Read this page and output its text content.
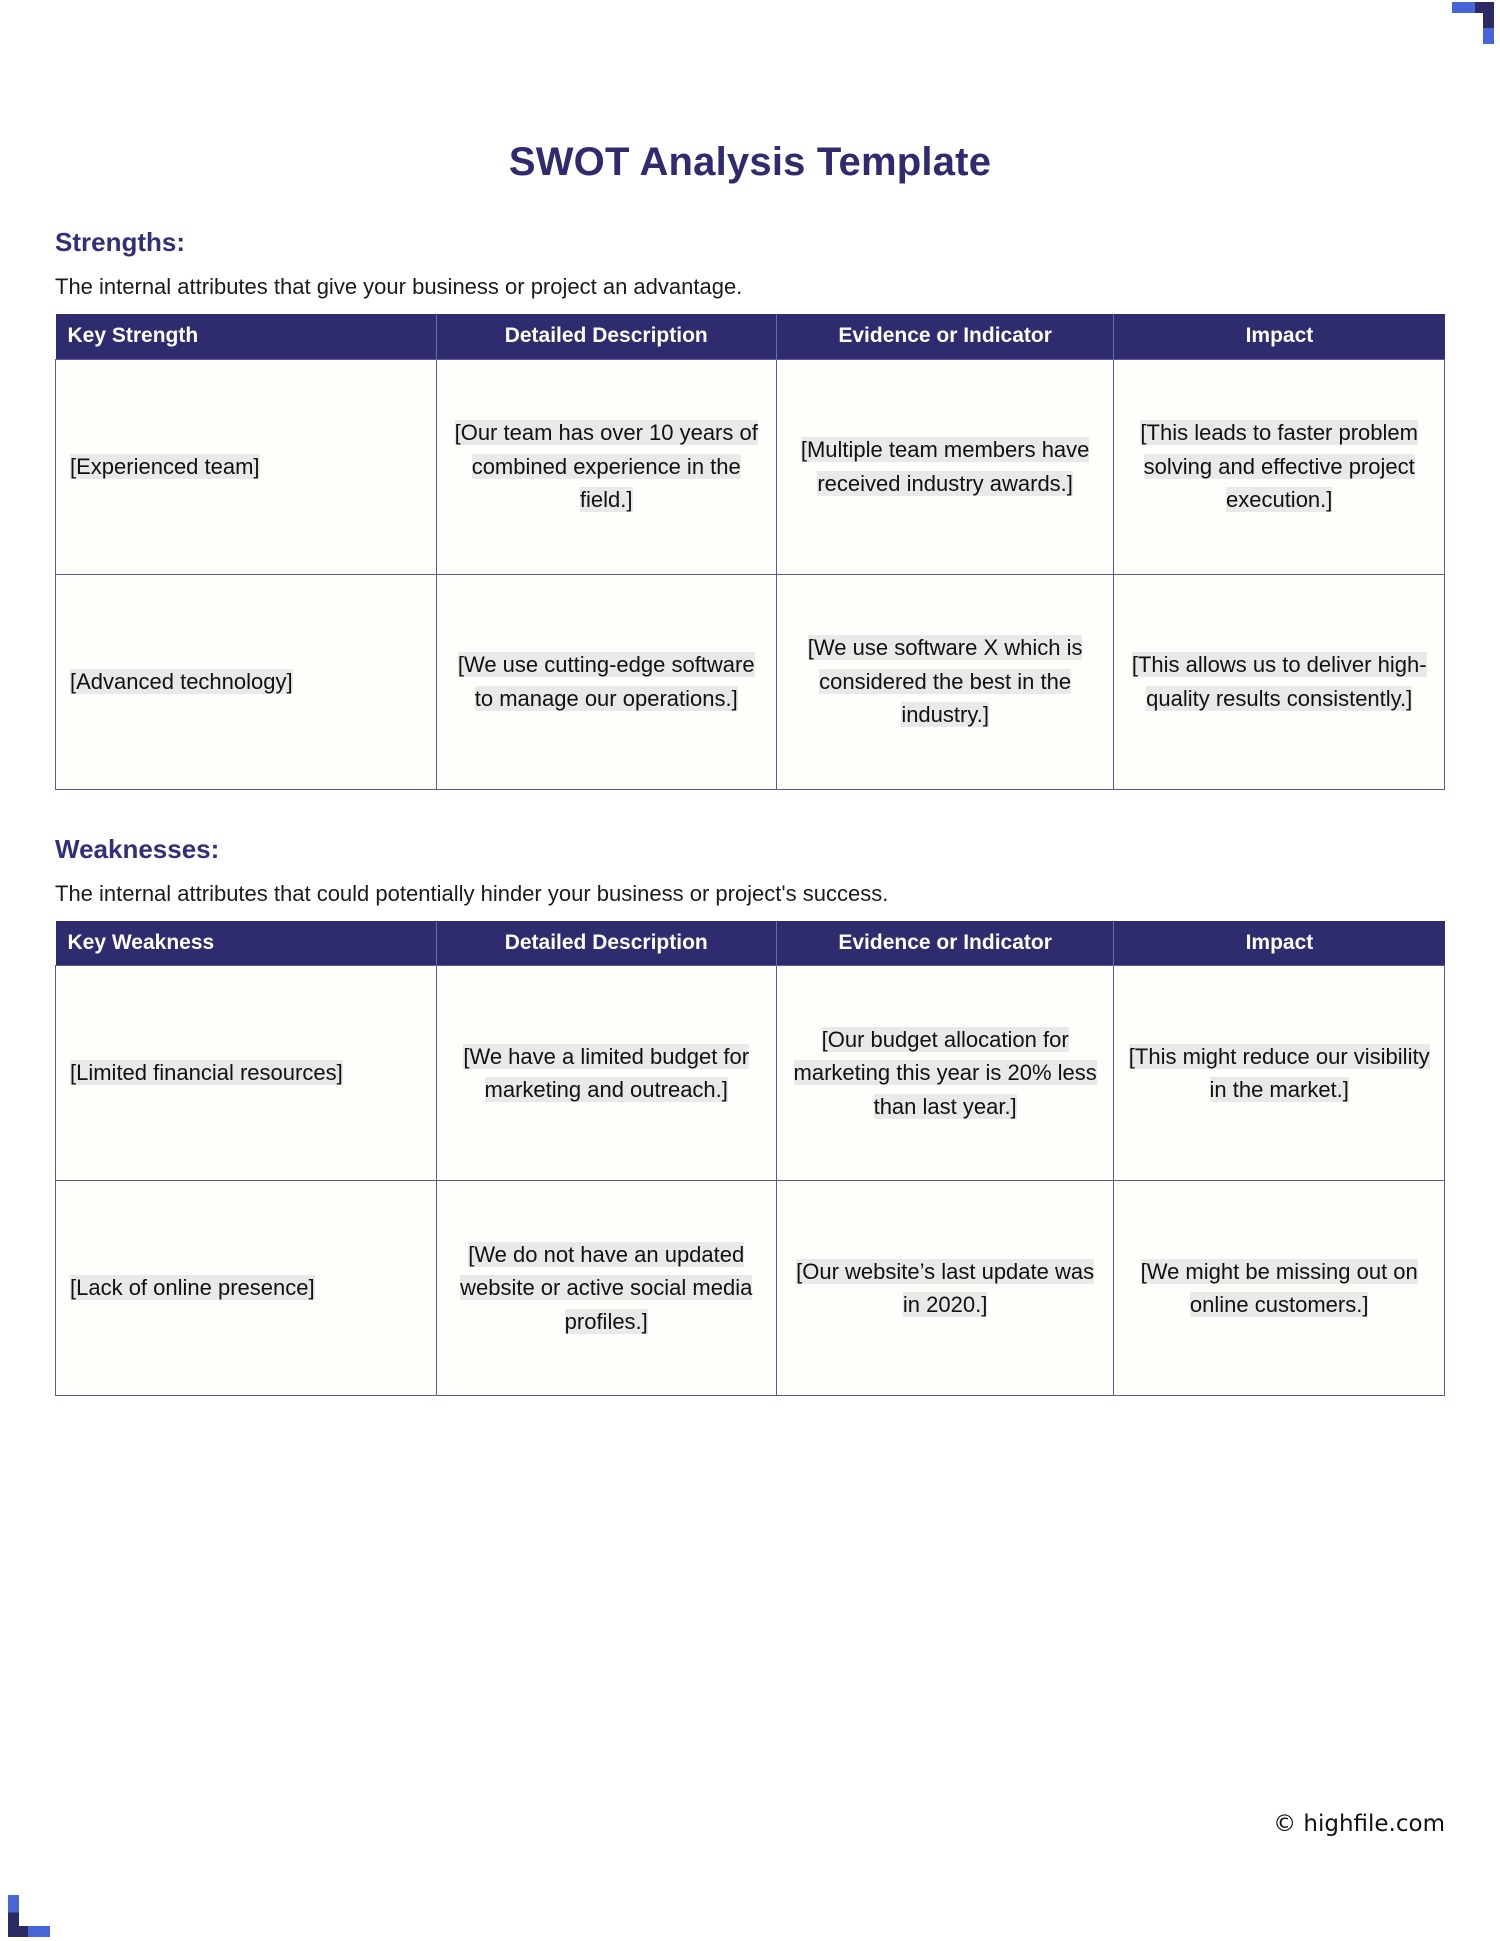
SWOT Analysis Template
Strengths:

The internal attributes that give your business or project an advantage.

Key Strength	Detailed Description	Evidence or Indicator	Impact
[Experienced team]	[Our team has over 10 years of combined experience in the field.]	[Multiple team members have received industry awards.]	[This leads to faster problem solving and effective project execution.]
[Advanced technology]	[We use cutting-edge software to manage our operations.]	[We use software X which is considered the best in the industry.]	[This allows us to deliver high-quality results consistently.]
Weaknesses:

The internal attributes that could potentially hinder your business or project's success.

Key Weakness	Detailed Description	Evidence or Indicator	Impact
[Limited financial resources]	[We have a limited budget for marketing and outreach.]	[Our budget allocation for marketing this year is 20% less than last year.]	[This might reduce our visibility in the market.]
[Lack of online presence]	[We do not have an updated website or active social media profiles.]	[Our website’s last update was in 2020.]	[We might be missing out on online customers.]
© highfile.com
